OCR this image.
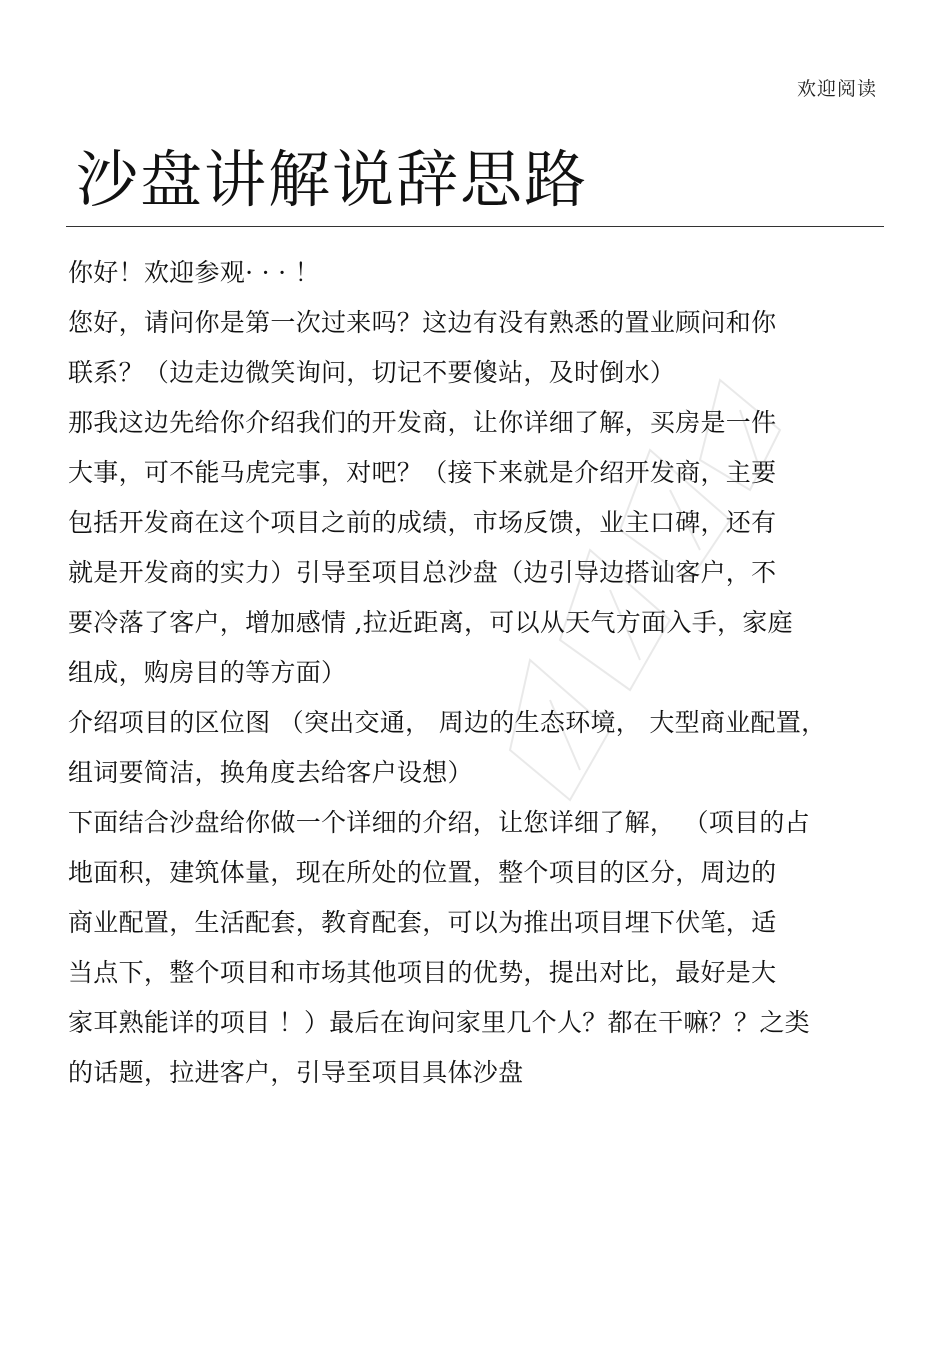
欢迎阅读
沙盘讲解说辞思路
你好！欢迎参观· · · ！
您好，请问你是第一次过来吗？这边有没有熟悉的置业顾问和你
联系？（边走边微笑询问，切记不要傻站，及时倒水）
那我这边先给你介绍我们的开发商，让你详细了解，买房是一件
大事，可不能马虎完事，对吧？（接下来就是介绍开发商，主要
包括开发商在这个项目之前的成绩，市场反馈，业主口碑，还有
就是开发商的实力）引导至项目总沙盘（边引导边搭讪客户，不
要冷落了客户，增加感情 ,拉近距离，可以从天气方面入手，家庭
组成，购房目的等方面）
介绍项目的区位图 （突出交通， 周边的生态环境， 大型商业配置，
组词要简洁，换角度去给客户设想）
下面结合沙盘给你做一个详细的介绍，让您详细了解， （项目的占
地面积，建筑体量，现在所处的位置，整个项目的区分，周边的
商业配置，生活配套，教育配套，可以为推出项目埋下伏笔，适
当点下，整个项目和市场其他项目的优势，提出对比，最好是大
家耳熟能详的项目 ！）最后在询问家里几个人？都在干嘛？？之类
的话题，拉进客户，引导至项目具体沙盘
